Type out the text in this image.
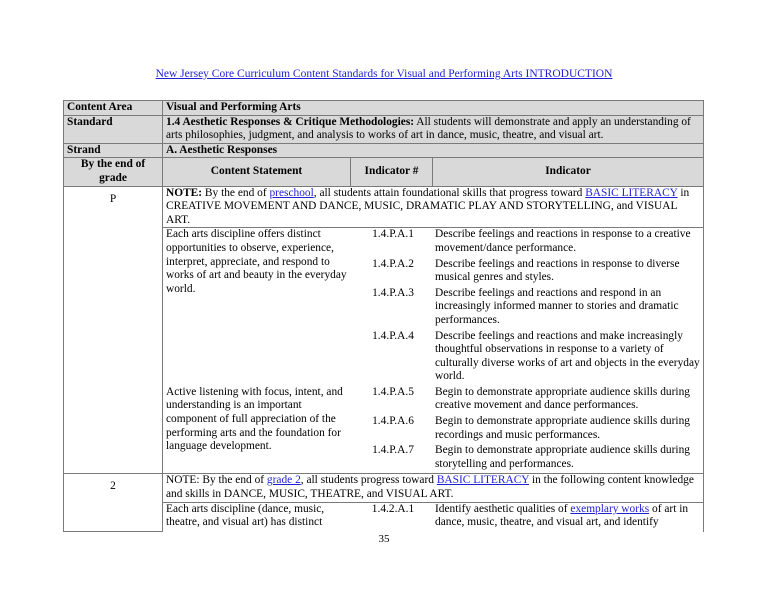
New Jersey Core Curriculum Content Standards for Visual and Performing Arts INTRODUCTION
Content Area	Visual and Performing Arts
Standard	1.4 Aesthetic Responses & Critique Methodologies: All students will demonstrate and apply an understanding of arts philosophies, judgment, and analysis to works of art in dance, music, theatre, and visual art.
Strand	A. Aesthetic Responses
By the end of grade	Content Statement	Indicator #	Indicator
P	NOTE: By the end of preschool, all students attain foundational skills that progress toward BASIC LITERACY in CREATIVE MOVEMENT AND DANCE, MUSIC, DRAMATIC PLAY AND STORYTELLING, and VISUAL ART.

Each arts discipline offers distinct opportunities to observe, experience, interpret, appreciate, and respond to works of art and beauty in the everyday world.	1.4.P.A.1	Describe feelings and reactions in response to a creative movement/dance performance.
1.4.P.A.2	Describe feelings and reactions in response to diverse musical genres and styles.
1.4.P.A.3	Describe feelings and reactions and respond in an increasingly informed manner to stories and dramatic performances.
1.4.P.A.4	Describe feelings and reactions and make increasingly thoughtful observations in response to a variety of culturally diverse works of art and objects in the everyday world.
Active listening with focus, intent, and understanding is an important component of full appreciation of the performing arts and the foundation for language development.	1.4.P.A.5	Begin to demonstrate appropriate audience skills during creative movement and dance performances.
1.4.P.A.6	Begin to demonstrate appropriate audience skills during recordings and music performances.
1.4.P.A.7	Begin to demonstrate appropriate audience skills during storytelling and performances.

2	NOTE: By the end of grade 2, all students progress toward BASIC LITERACY in the following content knowledge and skills in DANCE, MUSIC, THEATRE, and VISUAL ART.

Each arts discipline (dance, music, theatre, and visual art) has distinct	1.4.2.A.1	Identify aesthetic qualities of exemplary works of art in dance, music, theatre, and visual art, and identify
35
